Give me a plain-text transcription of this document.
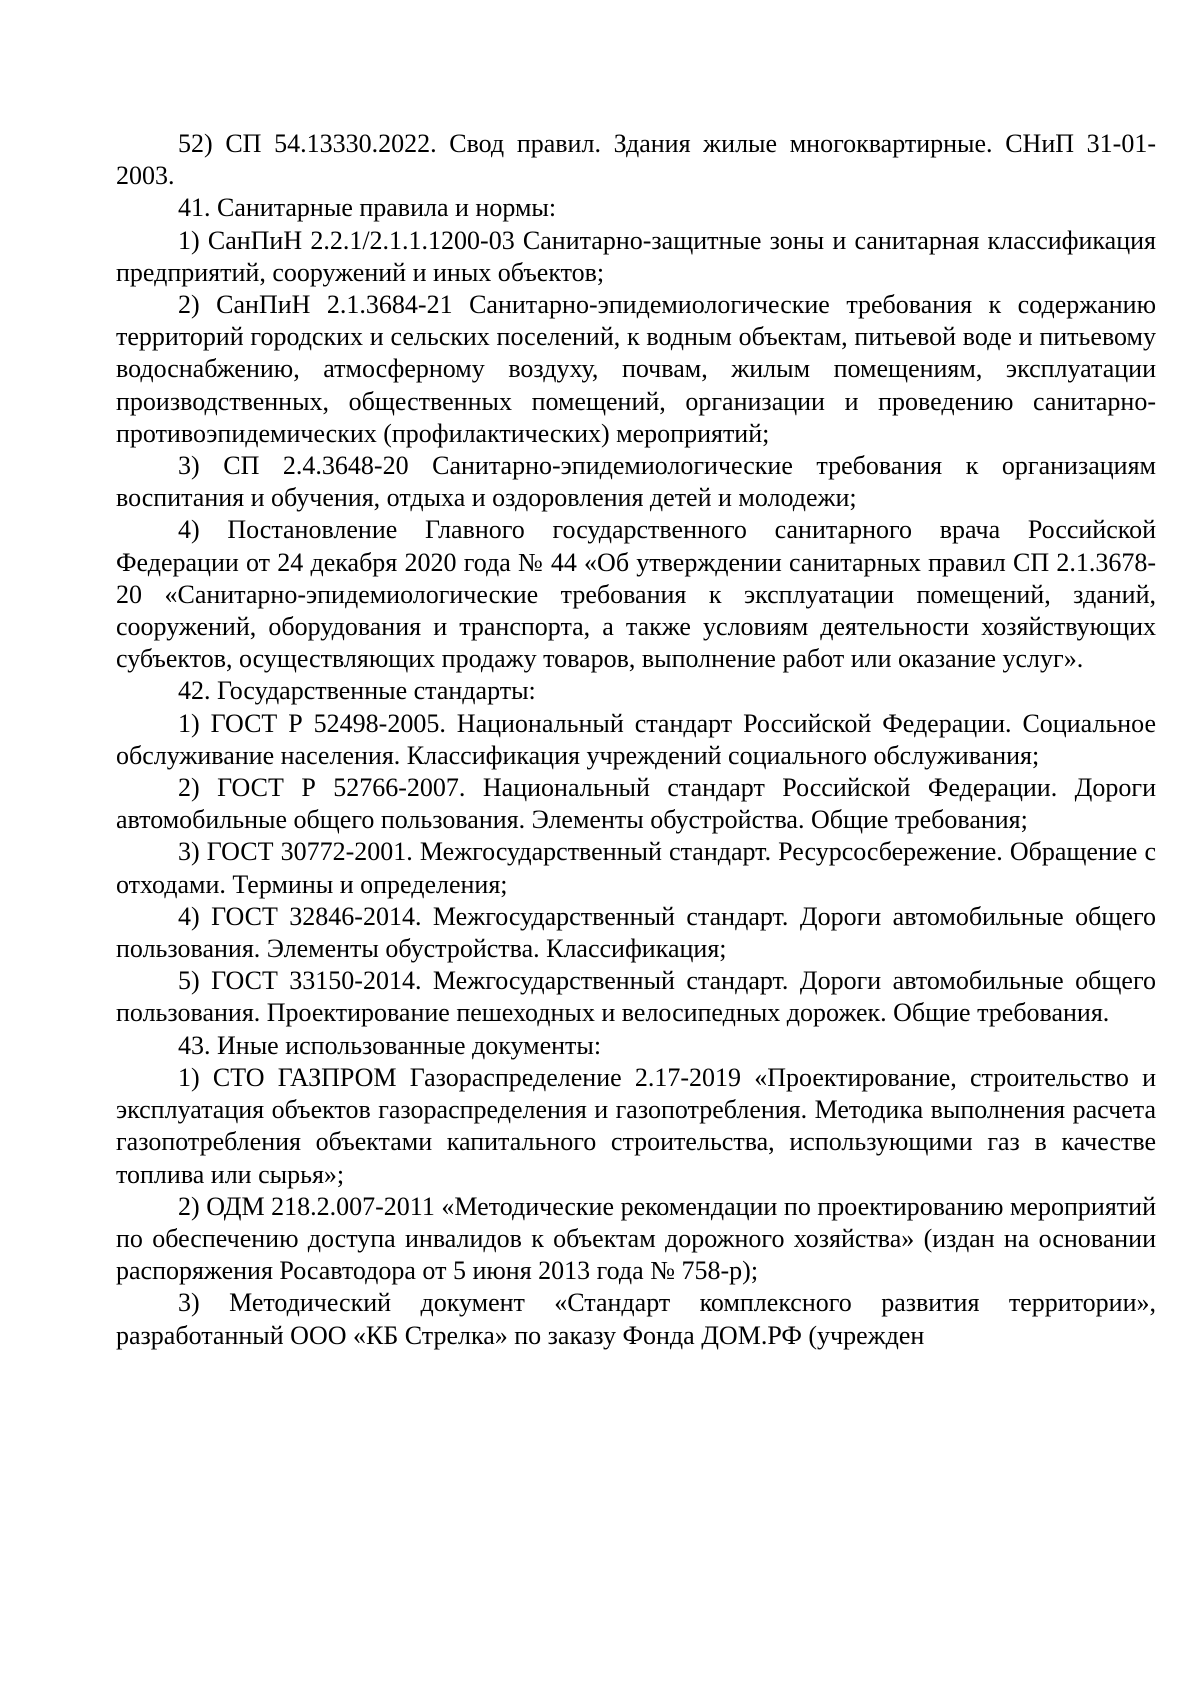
52) СП 54.13330.2022. Свод правил. Здания жилые многоквартирные. СНиП 31-01-2003.

41. Санитарные правила и нормы:

1) СанПиН 2.2.1/2.1.1.1200-03 Санитарно-защитные зоны и санитарная классификация предприятий, сооружений и иных объектов;

2) СанПиН 2.1.3684-21 Санитарно-эпидемиологические требования к содержанию территорий городских и сельских поселений, к водным объектам, питьевой воде и питьевому водоснабжению, атмосферному воздуху, почвам, жилым помещениям, эксплуатации производственных, общественных помещений, организации и проведению санитарно-противоэпидемических (профилактических) мероприятий;

3) СП 2.4.3648-20 Санитарно-эпидемиологические требования к организациям воспитания и обучения, отдыха и оздоровления детей и молодежи;

4) Постановление Главного государственного санитарного врача Российской Федерации от 24 декабря 2020 года № 44 «Об утверждении санитарных правил СП 2.1.3678-20 «Санитарно-эпидемиологические требования к эксплуатации помещений, зданий, сооружений, оборудования и транспорта, а также условиям деятельности хозяйствующих субъектов, осуществляющих продажу товаров, выполнение работ или оказание услуг».

42. Государственные стандарты:

1) ГОСТ Р 52498-2005. Национальный стандарт Российской Федерации. Социальное обслуживание населения. Классификация учреждений социального обслуживания;

2) ГОСТ Р 52766-2007. Национальный стандарт Российской Федерации. Дороги автомобильные общего пользования. Элементы обустройства. Общие требования;

3) ГОСТ 30772-2001. Межгосударственный стандарт. Ресурсосбережение. Обращение с отходами. Термины и определения;

4) ГОСТ 32846-2014. Межгосударственный стандарт. Дороги автомобильные общего пользования. Элементы обустройства. Классификация;

5) ГОСТ 33150-2014. Межгосударственный стандарт. Дороги автомобильные общего пользования. Проектирование пешеходных и велосипедных дорожек. Общие требования.

43. Иные использованные документы:

1) СТО ГАЗПРОМ Газораспределение 2.17-2019 «Проектирование, строительство и эксплуатация объектов газораспределения и газопотребления. Методика выполнения расчета газопотребления объектами капитального строительства, использующими газ в качестве топлива или сырья»;

2) ОДМ 218.2.007-2011 «Методические рекомендации по проектированию мероприятий по обеспечению доступа инвалидов к объектам дорожного хозяйства» (издан на основании распоряжения Росавтодора от 5 июня 2013 года № 758-р);

3) Методический документ «Стандарт комплексного развития территории», разработанный ООО «КБ Стрелка» по заказу Фонда ДОМ.РФ (учрежден
